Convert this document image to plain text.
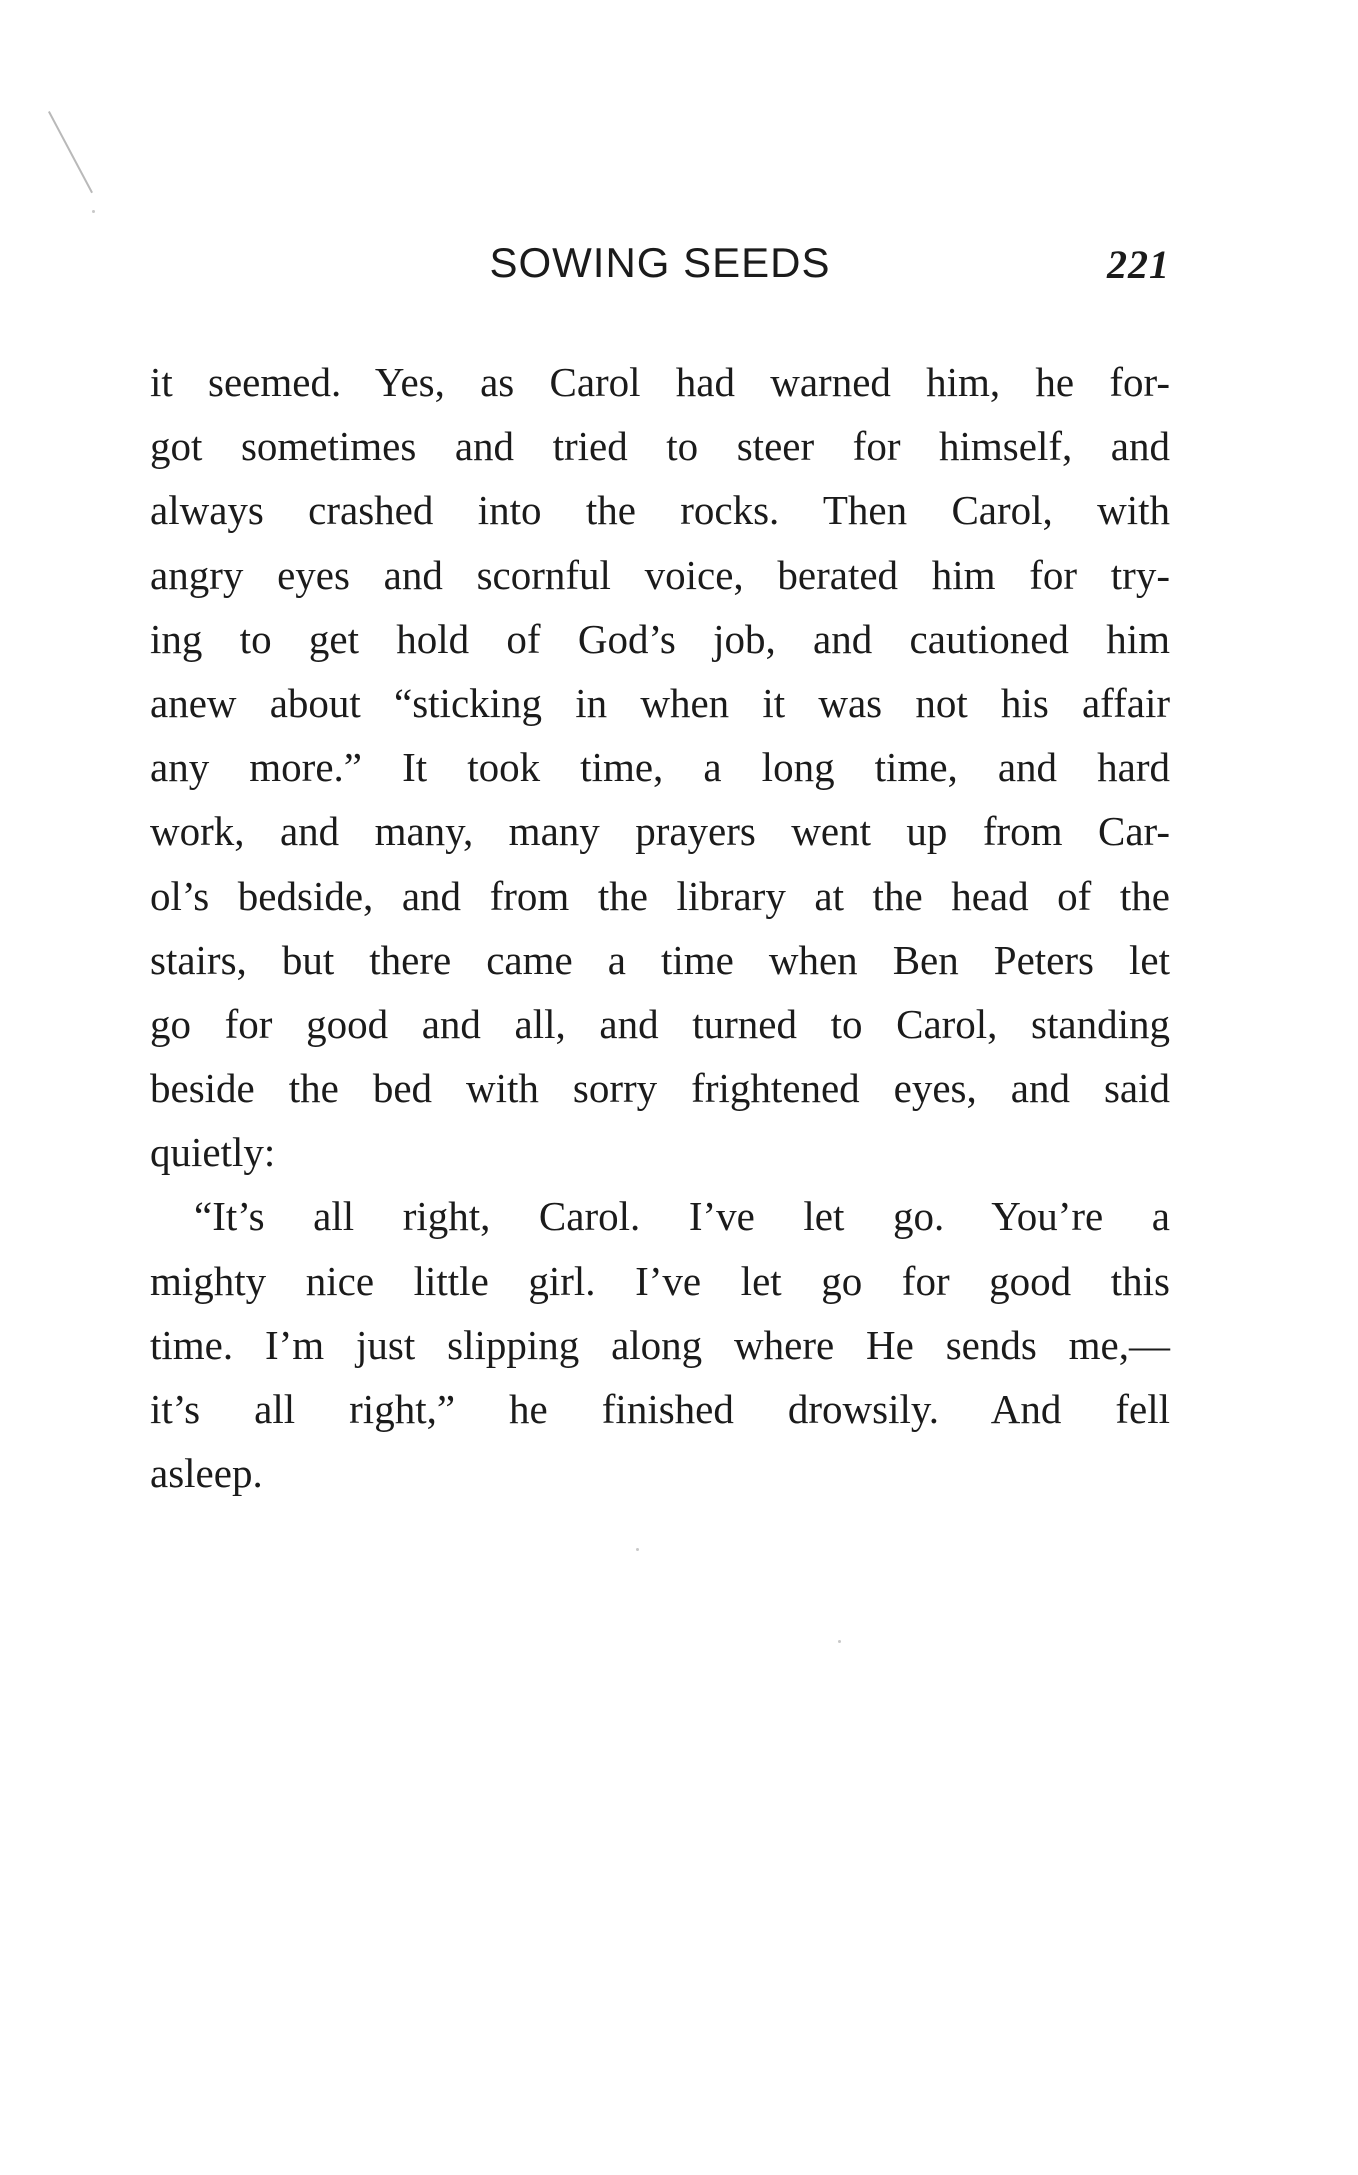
SOWING SEEDS	221

it seemed. Yes, as Carol had warned him, he for-
got sometimes and tried to steer for himself, and
always crashed into the rocks. Then Carol, with
angry eyes and scornful voice, berated him for try-
ing to get hold of God’s job, and cautioned him
anew about “sticking in when it was not his affair
any more.” It took time, a long time, and hard
work, and many, many prayers went up from Car-
ol’s bedside, and from the library at the head of the
stairs, but there came a time when Ben Peters let
go for good and all, and turned to Carol, standing
beside the bed with sorry frightened eyes, and said
quietly:

“It’s all right, Carol. I’ve let go. You’re a
mighty nice little girl. I’ve let go for good this
time. I’m just slipping along where He sends me,—
it’s all right,” he finished drowsily. And fell
asleep.
